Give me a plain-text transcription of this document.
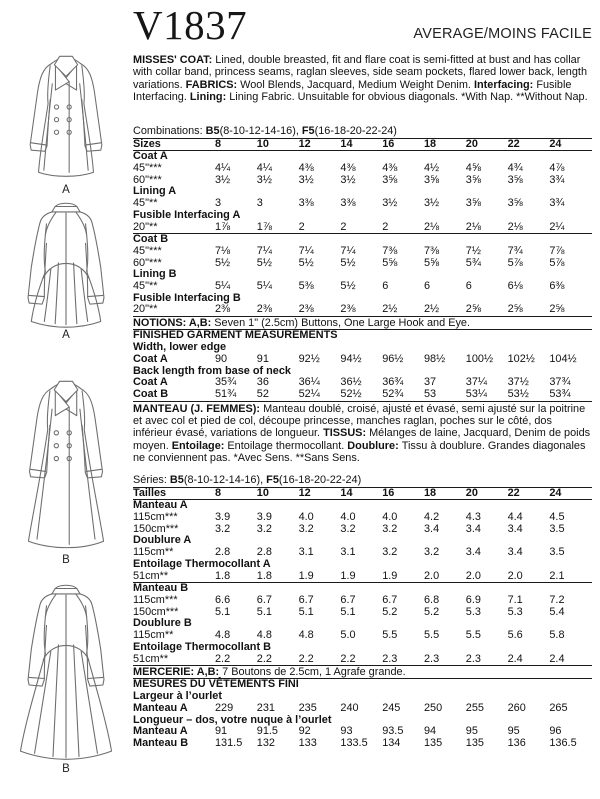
A
A
B
B
V1837	AVERAGE/MOINS FACILE
MISSES' COAT: Lined, double breasted, fit and flare coat is semi-fitted at bust and has collar with collar band, princess seams, raglan sleeves, side seam pockets, flared lower back, length variations. FABRICS: Wool Blends, Jacquard, Medium Weight Denim. Interfacing: Fusible Interfacing. Lining: Lining Fabric. Unsuitable for obvious diagonals. *With Nap. **Without Nap.
Combinations: B5(8-10-12-14-16), F5(16-18-20-22-24)
Sizes	8	10	12	14	16	18	20	22	24
Coat A
45"***	4¼	4¼	4⅜	4⅜	4⅜	4½	4⅝	4¾	4⅞
60"***	3½	3½	3½	3½	3⅝	3⅝	3⅝	3⅝	3¾
Lining A
45"**	3	3	3⅜	3⅜	3½	3½	3⅝	3⅝	3¾
Fusible Interfacing A
20"**	1⅞	1⅞	2	2	2	2⅛	2⅛	2⅛	2¼
Coat B
45"***	7⅛	7¼	7¼	7¼	7⅜	7⅜	7½	7¾	7⅞
60"***	5½	5½	5½	5½	5⅝	5⅝	5¾	5⅞	5⅞
Lining B
45"**	5¼	5¼	5⅜	5½	6	6	6	6⅛	6⅜
Fusible Interfacing B
20"**	2⅜	2⅜	2⅜	2⅜	2½	2½	2⅝	2⅝	2⅝
NOTIONS: A,B: Seven 1" (2.5cm) Buttons, One Large Hook and Eye.
FINISHED GARMENT MEASUREMENTS
Width, lower edge
Coat A	90	91	92½	94½	96½	98½	100½	102½	104½
Back length from base of neck
Coat A	35¾	36	36¼	36½	36¾	37	37¼	37½	37¾
Coat B	51¾	52	52¼	52½	52¾	53	53¼	53½	53¾
MANTEAU (J. FEMMES): Manteau doublé, croisé, ajusté et évasé, semi ajusté sur la poitrine et avec col et pied de col, découpe princesse, manches raglan, poches sur le côté, dos inférieur évasé, variations de longueur. TISSUS: Mélanges de laine, Jacquard, Denim de poids moyen. Entoilage: Entoilage thermocollant. Doublure: Tissu à doublure. Grandes diagonales ne conviennent pas. *Avec Sens. **Sans Sens.
Séries: B5(8-10-12-14-16), F5(16-18-20-22-24)
Tailles	8	10	12	14	16	18	20	22	24
Manteau A
115cm***	3.9	3.9	4.0	4.0	4.0	4.2	4.3	4.4	4.5
150cm***	3.2	3.2	3.2	3.2	3.2	3.4	3.4	3.4	3.5
Doublure A
115cm**	2.8	2.8	3.1	3.1	3.2	3.2	3.4	3.4	3.5
Entoilage Thermocollant A
51cm**	1.8	1.8	1.9	1.9	1.9	2.0	2.0	2.0	2.1
Manteau B
115cm***	6.6	6.7	6.7	6.7	6.7	6.8	6.9	7.1	7.2
150cm***	5.1	5.1	5.1	5.1	5.2	5.2	5.3	5.3	5.4
Doublure B
115cm**	4.8	4.8	4.8	5.0	5.5	5.5	5.5	5.6	5.8
Entoilage Thermocollant B
51cm**	2.2	2.2	2.2	2.2	2.3	2.3	2.3	2.4	2.4
MERCERIE: A,B: 7 Boutons de 2.5cm, 1 Agrafe grande.
MESURES DU VÊTEMENTS FINI
Largeur à l’ourlet
Manteau A	229	231	235	240	245	250	255	260	265
Longueur – dos, votre nuque à l’ourlet
Manteau A	91	91.5	92	93	93.5	94	95	95	96
Manteau B	131.5	132	133	133.5	134	135	135	136	136.5
